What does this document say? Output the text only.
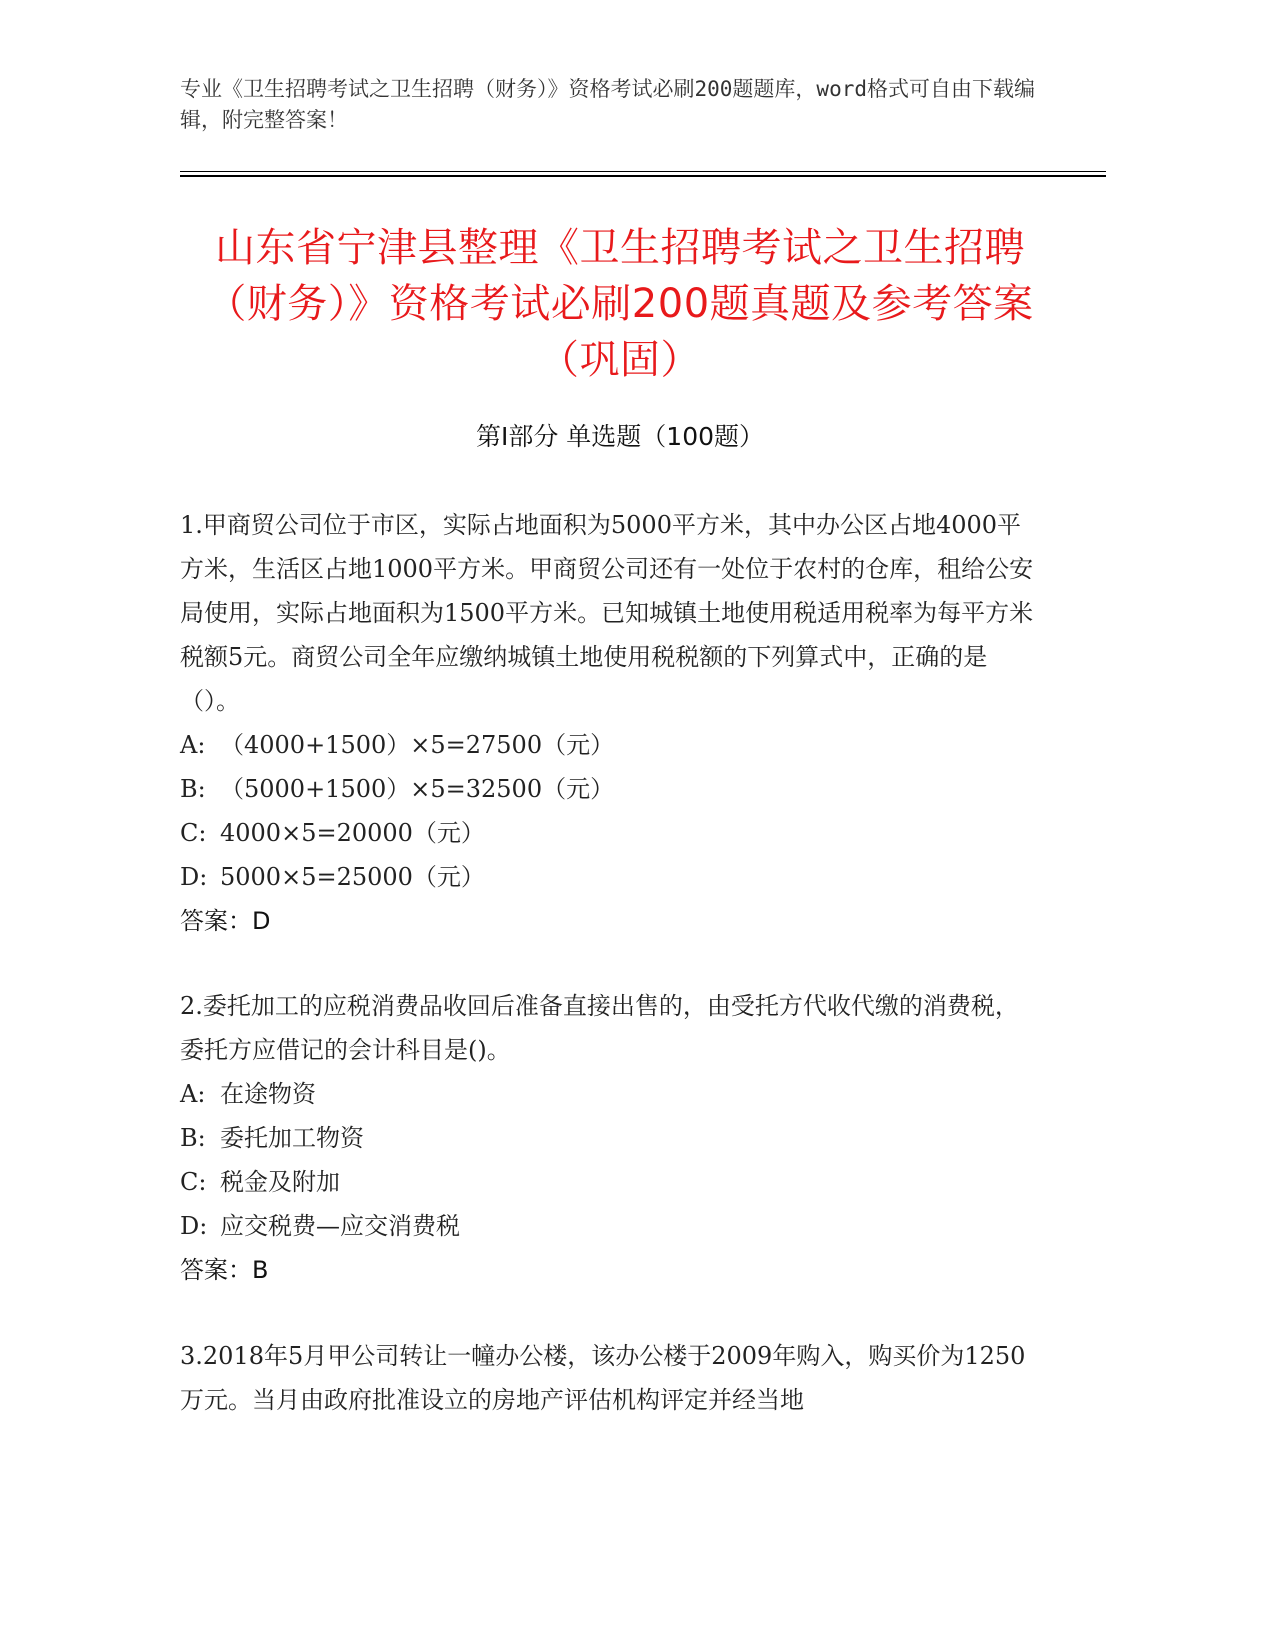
专业《卫生招聘考试之卫生招聘（财务）》资格考试必刷200题题库，word格式可自由下载编辑，附完整答案！
山东省宁津县整理《卫生招聘考试之卫生招聘（财务）》资格考试必刷200题真题及参考答案（巩固）
第Ⅰ部分 单选题（100题）

1.甲商贸公司位于市区，实际占地面积为5000平方米，其中办公区占地4000平方米，生活区占地1000平方米。甲商贸公司还有一处位于农村的仓库，租给公安局使用，实际占地面积为1500平方米。已知城镇土地使用税适用税率为每平方米税额5元。商贸公司全年应缴纳城镇土地使用税税额的下列算式中，正确的是（）。

A: （4000+1500）×5=27500（元）

B: （5000+1500）×5=32500（元）

C: 4000×5=20000（元）

D: 5000×5=25000（元）

答案：D

2.委托加工的应税消费品收回后准备直接出售的，由受托方代收代缴的消费税，委托方应借记的会计科目是()。

A: 在途物资

B: 委托加工物资

C: 税金及附加

D: 应交税费—应交消费税

答案：B

3.2018年5月甲公司转让一幢办公楼，该办公楼于2009年购入，购买价为1250万元。当月由政府批准设立的房地产评估机构评定并经当地
